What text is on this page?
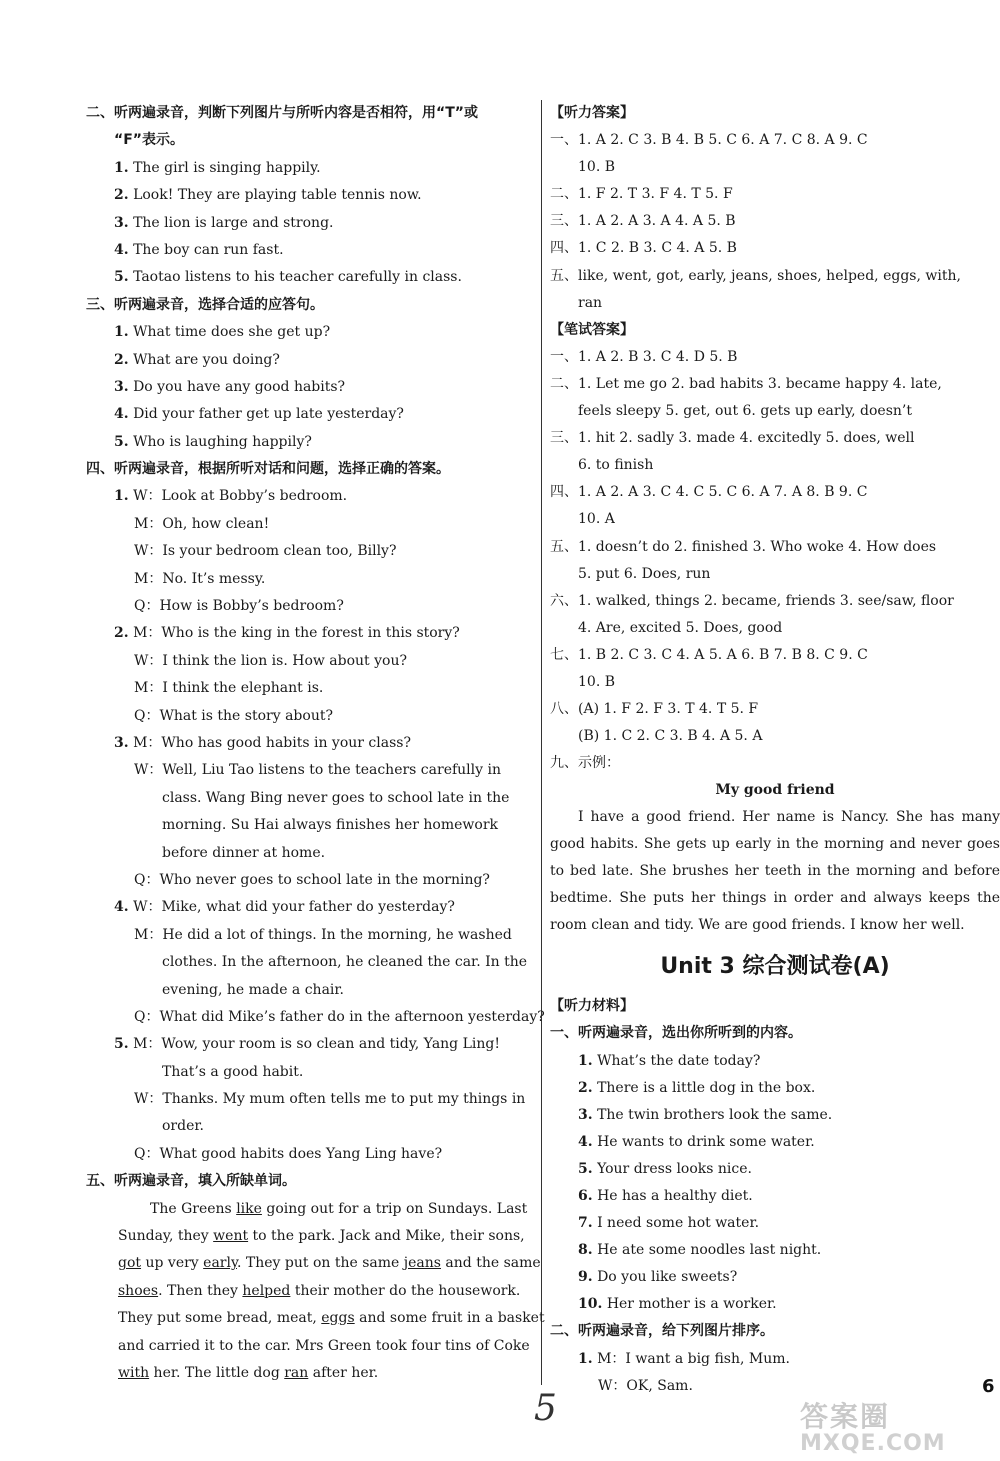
二、听两遍录音，判断下列图片与所听内容是否相符，用“T”或
“F”表示。
1. The girl is singing happily.
2. Look! They are playing table tennis now.
3. The lion is large and strong.
4. The boy can run fast.
5. Taotao listens to his teacher carefully in class.
三、听两遍录音，选择合适的应答句。
1. What time does she get up?
2. What are you doing?
3. Do you have any good habits?
4. Did your father get up late yesterday?
5. Who is laughing happily?
四、听两遍录音，根据所听对话和问题，选择正确的答案。
1. W：Look at Bobby’s bedroom.
M：Oh, how clean!
W：Is your bedroom clean too, Billy?
M：No. It’s messy.
Q：How is Bobby’s bedroom?
2. M：Who is the king in the forest in this story?
W：I think the lion is. How about you?
M：I think the elephant is.
Q：What is the story about?
3. M：Who has good habits in your class?
W：Well, Liu Tao listens to the teachers carefully in
class. Wang Bing never goes to school late in the
morning. Su Hai always finishes her homework
before dinner at home.
Q：Who never goes to school late in the morning?
4. W：Mike, what did your father do yesterday?
M：He did a lot of things. In the morning, he washed
clothes. In the afternoon, he cleaned the car. In the
evening, he made a chair.
Q：What did Mike’s father do in the afternoon yesterday?
5. M：Wow, your room is so clean and tidy, Yang Ling!
That’s a good habit.
W：Thanks. My mum often tells me to put my things in
order.
Q：What good habits does Yang Ling have?
五、听两遍录音，填入所缺单词。
The Greens like going out for a trip on Sundays. Last
Sunday, they went to the park. Jack and Mike, their sons,
got up very early. They put on the same jeans and the same
shoes. Then they helped their mother do the housework.
They put some bread, meat, eggs and some fruit in a basket
and carried it to the car. Mrs Green took four tins of Coke
with her. The little dog ran after her.
【听力答案】
一、1. A 2. C 3. B 4. B 5. C 6. A 7. C 8. A 9. C
10. B
二、1. F 2. T 3. F 4. T 5. F
三、1. A 2. A 3. A 4. A 5. B
四、1. C 2. B 3. C 4. A 5. B
五、like, went, got, early, jeans, shoes, helped, eggs, with,
ran
【笔试答案】
一、1. A 2. B 3. C 4. D 5. B
二、1. Let me go 2. bad habits 3. became happy 4. late,
feels sleepy 5. get, out 6. gets up early, doesn’t
三、1. hit 2. sadly 3. made 4. excitedly 5. does, well
6. to finish
四、1. A 2. A 3. C 4. C 5. C 6. A 7. A 8. B 9. C
10. A
五、1. doesn’t do 2. finished 3. Who woke 4. How does
5. put 6. Does, run
六、1. walked, things 2. became, friends 3. see/saw, floor
4. Are, excited 5. Does, good
七、1. B 2. C 3. C 4. A 5. A 6. B 7. B 8. C 9. C
10. B
八、(A) 1. F 2. F 3. T 4. T 5. F
(B) 1. C 2. C 3. B 4. A 5. A
九、示例：
My good friend
I have a good friend. Her name is Nancy. She has many good habits. She gets up early in the morning and never goes to bed late. She brushes her teeth in the morning and before bedtime. She puts her things in order and always keeps the room clean and tidy. We are good friends. I know her well.
Unit 3 综合测试卷(A)
【听力材料】
一、听两遍录音，选出你所听到的内容。
1. What’s the date today?
2. There is a little dog in the box.
3. The twin brothers look the same.
4. He wants to drink some water.
5. Your dress looks nice.
6. He has a healthy diet.
7. I need some hot water.
8. He ate some noodles last night.
9. Do you like sweets?
10. Her mother is a worker.
二、听两遍录音，给下列图片排序。
1. M：I want a big fish, Mum.
W：OK, Sam.
5
6
答案圈
MXQE.COM
